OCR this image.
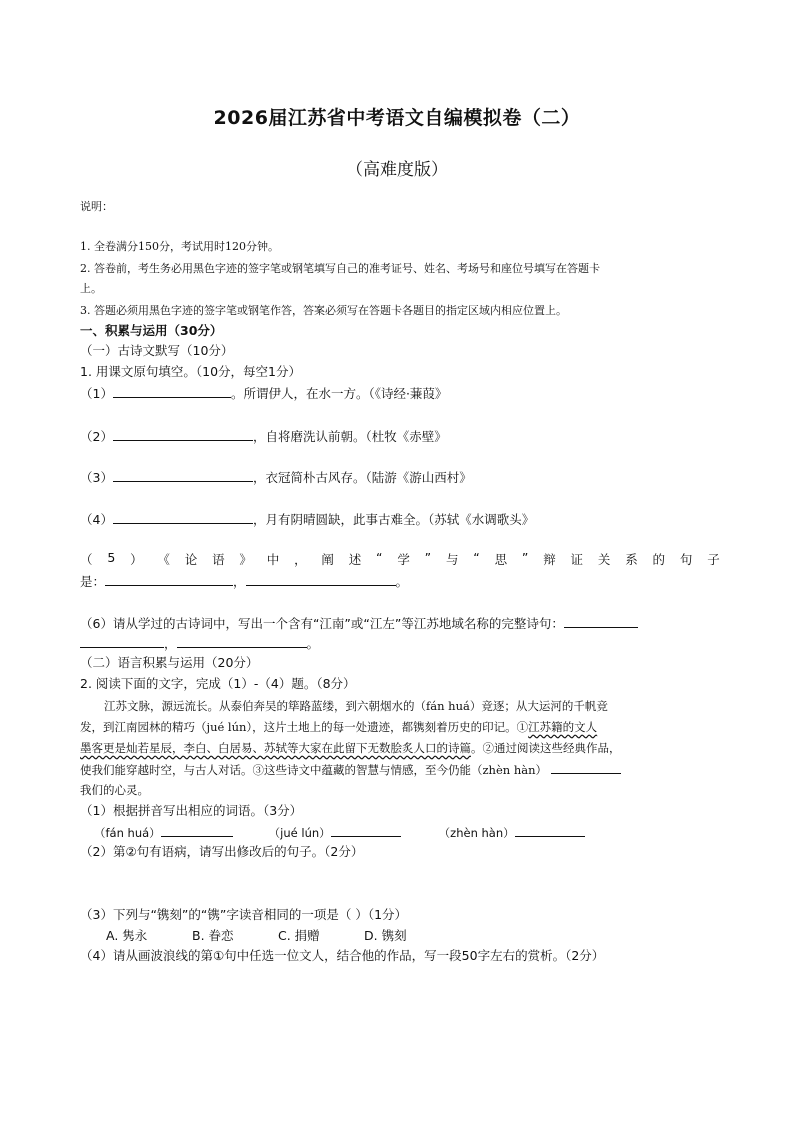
2026届江苏省中考语文自编模拟卷（二）
（高难度版）
说明：
1. 全卷满分150分，考试用时120分钟。
2. 答卷前，考生务必用黑色字迹的签字笔或钢笔填写自己的准考证号、姓名、考场号和座位号填写在答题卡
上。
3. 答题必须用黑色字迹的签字笔或钢笔作答，答案必须写在答题卡各题目的指定区域内相应位置上。
一、积累与运用（30分）
（一）古诗文默写（10分）
1. 用课文原句填空。（10分，每空1分）
（1）	。所谓伊人，在水一方。（《诗经·蒹葭》
（2）	，自将磨洗认前朝。（杜牧《赤壁》
（3）	，衣冠简朴古风存。（陆游《游山西村》
（4）	，月有阴晴圆缺，此事古难全。（苏轼《水调歌头》
（ 5 ） 《 论 语 》 中 ， 阐 述 “ 学 ” 与 “ 思 ” 辩 证 关 系 的 句 子
是：	，	。
（6）请从学过的古诗词中，写出一个含有“江南”或“江左”等江苏地域名称的完整诗句：
，	。
（二）语言积累与运用（20分）
2. 阅读下面的文字，完成（1）-（4）题。（8分）
江苏文脉，源远流长。从泰伯奔吴的筚路蓝缕，到六朝烟水的（fán huá）竞逐；从大运河的千帆竞
发，到江南园林的精巧（jué lún），这片土地上的每一处遗迹，都镌刻着历史的印记。①江苏籍的文人
墨客更是灿若星辰，李白、白居易、苏轼等大家在此留下无数脍炙人口的诗篇。②通过阅读这些经典作品，
使我们能穿越时空，与古人对话。③这些诗文中蕴藏的智慧与情感，至今仍能（zhèn hàn）
我们的心灵。
（1）根据拼音写出相应的词语。（3分）
（fán huá）	（jué lún）	（zhèn hàn）
（2）第②句有语病，请写出修改后的句子。（2分）
（3）下列与“镌刻”的“镌”字读音相同的一项是（ ）（1分）
A. 隽永	B. 眷恋	C. 捐赠	D. 镌刻
（4）请从画波浪线的第①句中任选一位文人，结合他的作品，写一段50字左右的赏析。（2分）
